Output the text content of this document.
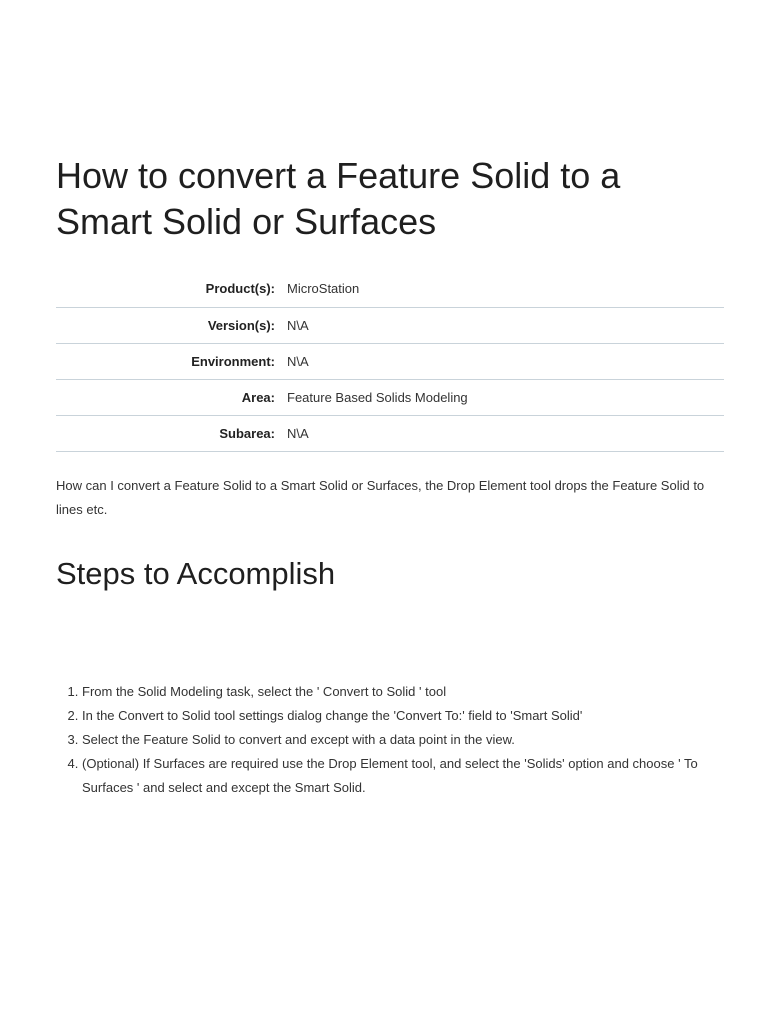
How to convert a Feature Solid to a Smart Solid or Surfaces
Product(s):	MicroStation
Version(s):	N\A
Environment:	N\A
Area:	Feature Based Solids Modeling
Subarea:	N\A

How can I convert a Feature Solid to a Smart Solid or Surfaces, the Drop Element tool drops the Feature Solid to lines etc.

Steps to Accomplish
1. From the Solid Modeling task, select the ' Convert to Solid ' tool
2. In the Convert to Solid tool settings dialog change the 'Convert To:' field to 'Smart Solid'
3. Select the Feature Solid to convert and except with a data point in the view.
4. (Optional) If Surfaces are required use the Drop Element tool, and select the 'Solids' option and choose ' To Surfaces ' and select and except the Smart Solid.
